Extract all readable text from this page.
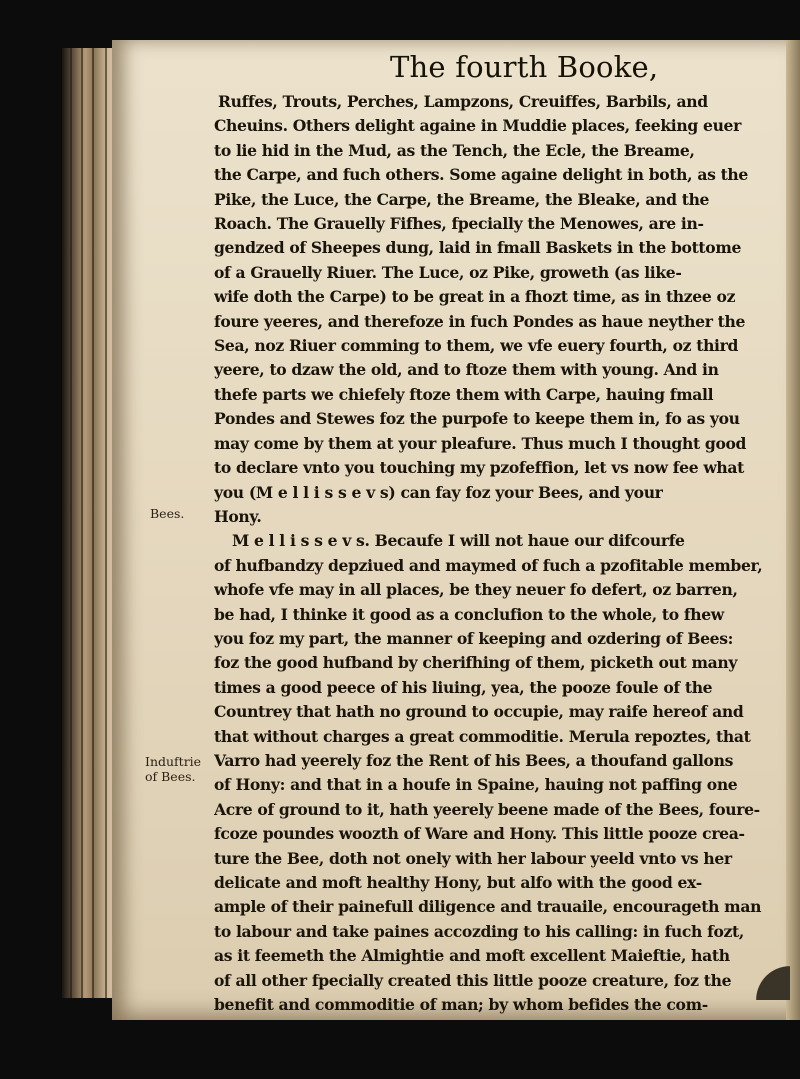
The fourth Booke,
Bees.
Induftrie
of Bees.
Ruffes, Trouts, Perches, Lampzons, Creuiffes, Barbils, and
Cheuins. Others delight againe in Muddie places, feeking euer
to lie hid in the Mud, as the Tench, the Ecle, the Breame,
the Carpe, and fuch others. Some againe delight in both, as the
Pike, the Luce, the Carpe, the Breame, the Bleake, and the
Roach. The Grauelly Fifhes, fpecially the Menowes, are in-
gendzed of Sheepes dung, laid in fmall Baskets in the bottome
of a Grauelly Riuer. The Luce, oz Pike, groweth (as like-
wife doth the Carpe) to be great in a fhozt time, as in thzee oz
foure yeeres, and therefoze in fuch Pondes as haue neyther the
Sea, noz Riuer comming to them, we vfe euery fourth, oz third
yeere, to dzaw the old, and to ftoze them with young. And in
thefe parts we chiefely ftoze them with Carpe, hauing fmall
Pondes and Stewes foz the purpofe to keepe them in, fo as you
may come by them at your pleafure. Thus much I thought good
to declare vnto you touching my pzofeffion, let vs now fee what
you (M e l l i s s e v s) can fay foz your Bees, and your
Hony.
M e l l i s s e v s. Becaufe I will not haue our difcourfe
of hufbandzy depziued and maymed of fuch a pzofitable member,
whofe vfe may in all places, be they neuer fo defert, oz barren,
be had, I thinke it good as a conclufion to the whole, to fhew
you foz my part, the manner of keeping and ozdering of Bees:
foz the good hufband by cherifhing of them, picketh out many
times a good peece of his liuing, yea, the pooze foule of the
Countrey that hath no ground to occupie, may raife hereof and
that without charges a great commoditie. Merula repoztes, that
Varro had yeerely foz the Rent of his Bees, a thoufand gallons
of Hony: and that in a houfe in Spaine, hauing not paffing one
Acre of ground to it, hath yeerely beene made of the Bees, foure-
fcoze poundes woozth of Ware and Hony. This little pooze crea-
ture the Bee, doth not onely with her labour yeeld vnto vs her
delicate and moft healthy Hony, but alfo with the good ex-
ample of their painefull diligence and trauaile, encourageth man
to labour and take paines accozding to his calling: in fuch fozt,
as it feemeth the Almightie and moft excellent Maieftie, hath
of all other fpecially created this little pooze creature, foz the
benefit and commoditie of man; by whom befides the com-
